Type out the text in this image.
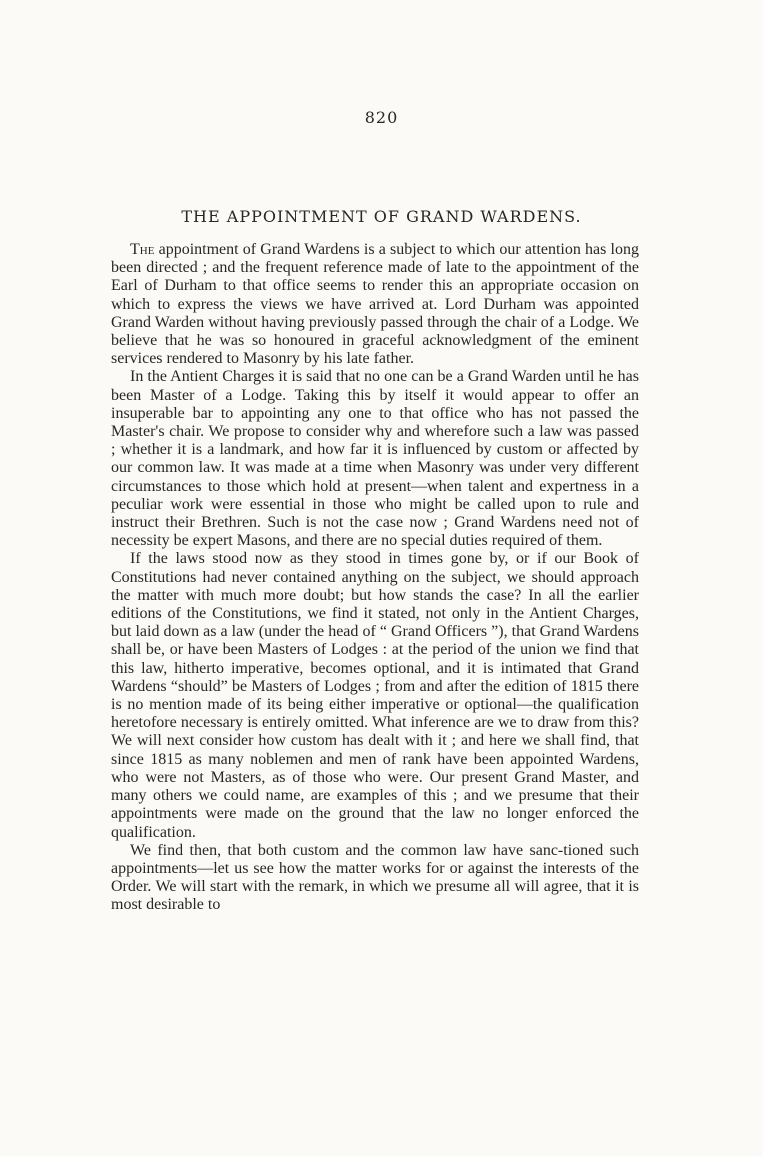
820
THE APPOINTMENT OF GRAND WARDENS.

The appointment of Grand Wardens is a subject to which our attention has long been directed ; and the frequent reference made of late to the appointment of the Earl of Durham to that office seems to render this an appropriate occasion on which to express the views we have arrived at. Lord Durham was appointed Grand Warden without having previously passed through the chair of a Lodge. We believe that he was so honoured in graceful acknowledgment of the eminent services rendered to Masonry by his late father.

In the Antient Charges it is said that no one can be a Grand Warden until he has been Master of a Lodge. Taking this by itself it would appear to offer an insuperable bar to appointing any one to that office who has not passed the Master's chair. We propose to consider why and wherefore such a law was passed ; whether it is a landmark, and how far it is influenced by custom or affected by our common law. It was made at a time when Masonry was under very different circumstances to those which hold at present—when talent and expertness in a peculiar work were essential in those who might be called upon to rule and instruct their Brethren. Such is not the case now ; Grand Wardens need not of necessity be expert Masons, and there are no special duties required of them.

If the laws stood now as they stood in times gone by, or if our Book of Constitutions had never contained anything on the subject, we should approach the matter with much more doubt; but how stands the case? In all the earlier editions of the Constitutions, we find it stated, not only in the Antient Charges, but laid down as a law (under the head of “ Grand Officers ”), that Grand Wardens shall be, or have been Masters of Lodges : at the period of the union we find that this law, hitherto imperative, becomes optional, and it is intimated that Grand Wardens “should” be Masters of Lodges ; from and after the edition of 1815 there is no mention made of its being either imperative or optional—the qualification heretofore necessary is entirely omitted. What inference are we to draw from this? We will next consider how custom has dealt with it ; and here we shall find, that since 1815 as many noblemen and men of rank have been appointed Wardens, who were not Masters, as of those who were. Our present Grand Master, and many others we could name, are examples of this ; and we presume that their appointments were made on the ground that the law no longer enforced the qualification.

We find then, that both custom and the common law have sanc-tioned such appointments—let us see how the matter works for or against the interests of the Order. We will start with the remark, in which we presume all will agree, that it is most desirable to
